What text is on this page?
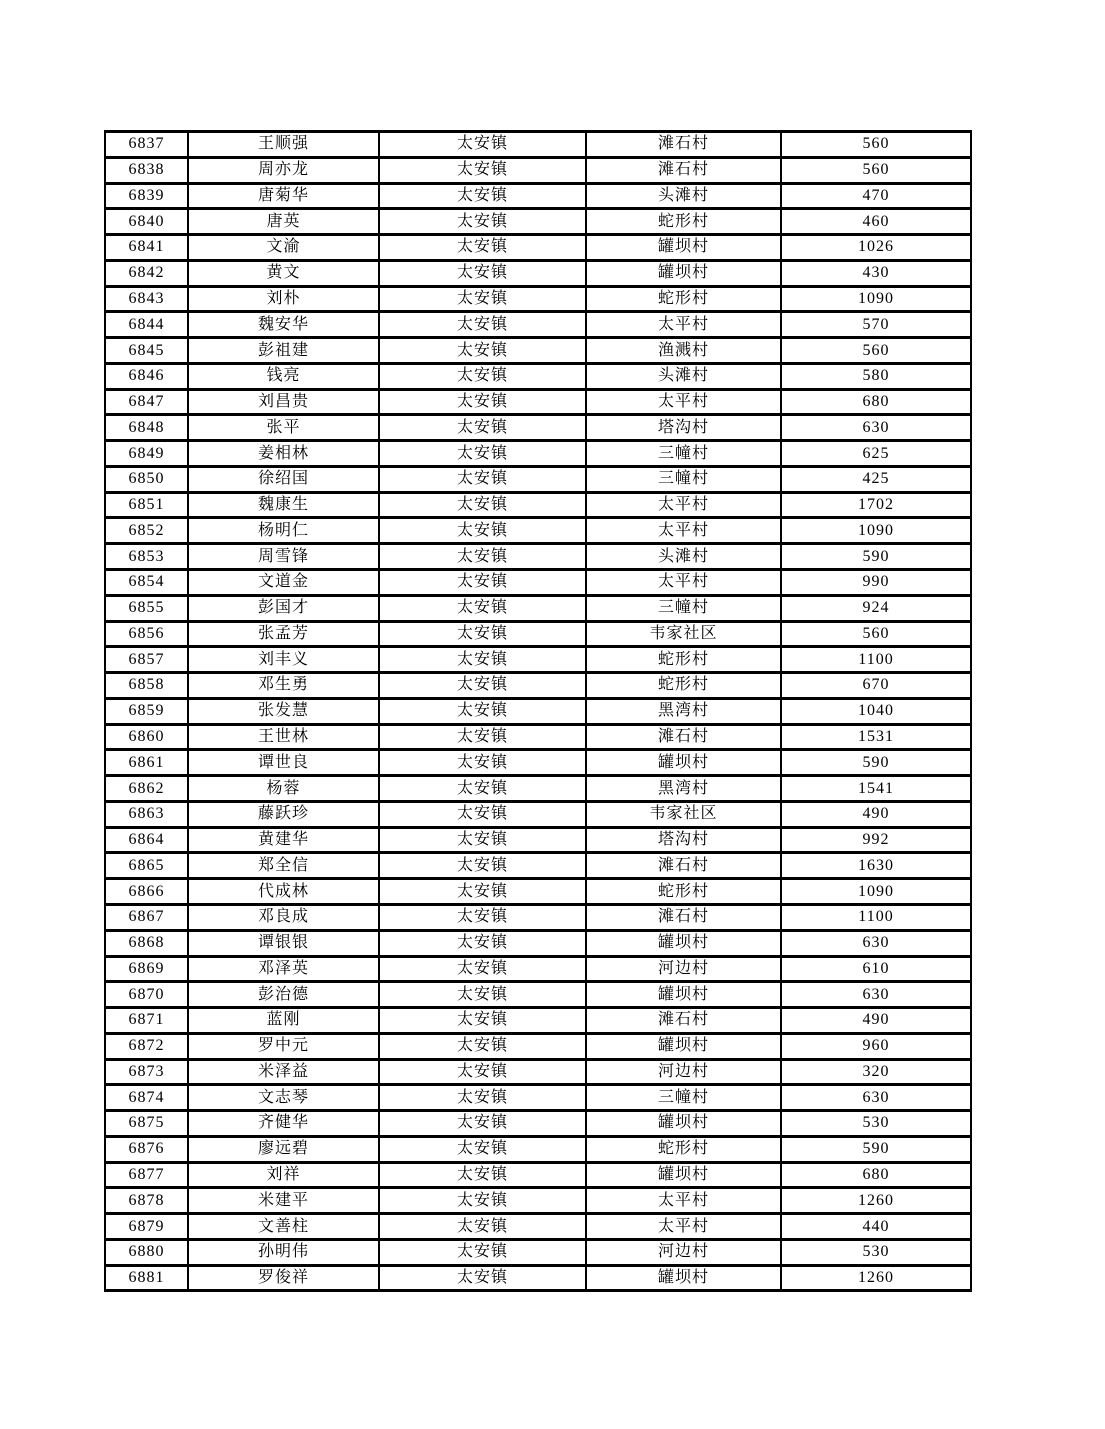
6837	王顺强	太安镇	滩石村	560
6838	周亦龙	太安镇	滩石村	560
6839	唐菊华	太安镇	头滩村	470
6840	唐英	太安镇	蛇形村	460
6841	文渝	太安镇	罐坝村	1026
6842	黄文	太安镇	罐坝村	430
6843	刘朴	太安镇	蛇形村	1090
6844	魏安华	太安镇	太平村	570
6845	彭祖建	太安镇	渔溅村	560
6846	钱亮	太安镇	头滩村	580
6847	刘昌贵	太安镇	太平村	680
6848	张平	太安镇	塔沟村	630
6849	姜相林	太安镇	三幢村	625
6850	徐绍国	太安镇	三幢村	425
6851	魏康生	太安镇	太平村	1702
6852	杨明仁	太安镇	太平村	1090
6853	周雪锋	太安镇	头滩村	590
6854	文道金	太安镇	太平村	990
6855	彭国才	太安镇	三幢村	924
6856	张孟芳	太安镇	韦家社区	560
6857	刘丰义	太安镇	蛇形村	1100
6858	邓生勇	太安镇	蛇形村	670
6859	张发慧	太安镇	黑湾村	1040
6860	王世林	太安镇	滩石村	1531
6861	谭世良	太安镇	罐坝村	590
6862	杨蓉	太安镇	黑湾村	1541
6863	藤跃珍	太安镇	韦家社区	490
6864	黄建华	太安镇	塔沟村	992
6865	郑全信	太安镇	滩石村	1630
6866	代成林	太安镇	蛇形村	1090
6867	邓良成	太安镇	滩石村	1100
6868	谭银银	太安镇	罐坝村	630
6869	邓泽英	太安镇	河边村	610
6870	彭治德	太安镇	罐坝村	630
6871	蓝刚	太安镇	滩石村	490
6872	罗中元	太安镇	罐坝村	960
6873	米泽益	太安镇	河边村	320
6874	文志琴	太安镇	三幢村	630
6875	齐健华	太安镇	罐坝村	530
6876	廖远碧	太安镇	蛇形村	590
6877	刘祥	太安镇	罐坝村	680
6878	米建平	太安镇	太平村	1260
6879	文善柱	太安镇	太平村	440
6880	孙明伟	太安镇	河边村	530
6881	罗俊祥	太安镇	罐坝村	1260
